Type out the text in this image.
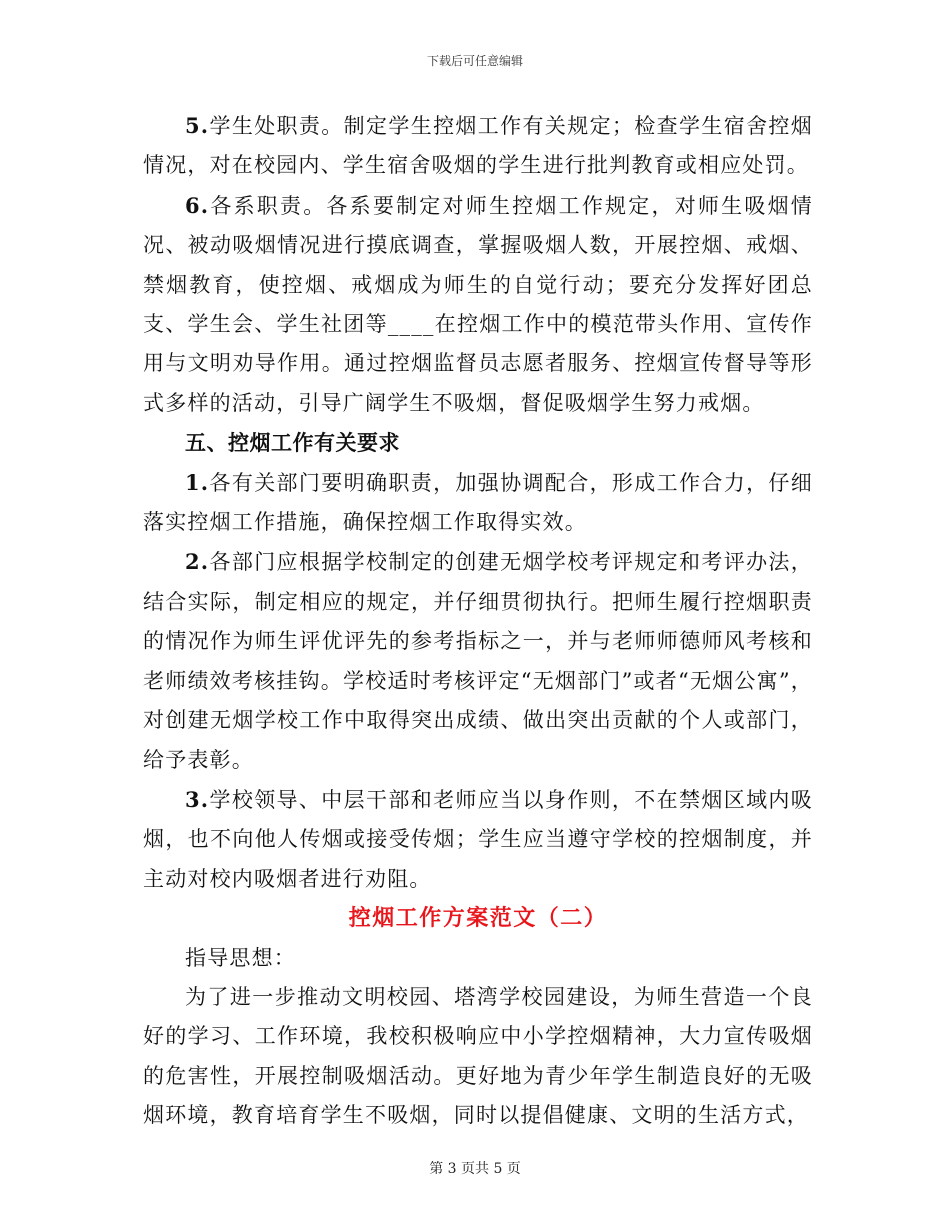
下载后可任意编辑

5.学生处职责。制定学生控烟工作有关规定；检查学生宿舍控烟情况，对在校园内、学生宿舍吸烟的学生进行批判教育或相应处罚。

6.各系职责。各系要制定对师生控烟工作规定，对师生吸烟情况、被动吸烟情况进行摸底调查，掌握吸烟人数，开展控烟、戒烟、禁烟教育，使控烟、戒烟成为师生的自觉行动；要充分发挥好团总支、学生会、学生社团等____在控烟工作中的模范带头作用、宣传作用与文明劝导作用。通过控烟监督员志愿者服务、控烟宣传督导等形式多样的活动，引导广阔学生不吸烟，督促吸烟学生努力戒烟。

五、控烟工作有关要求

1.各有关部门要明确职责，加强协调配合，形成工作合力，仔细落实控烟工作措施，确保控烟工作取得实效。

2.各部门应根据学校制定的创建无烟学校考评规定和考评办法，结合实际，制定相应的规定，并仔细贯彻执行。把师生履行控烟职责的情况作为师生评优评先的参考指标之一，并与老师师德师风考核和老师绩效考核挂钩。学校适时考核评定“无烟部门”或者“无烟公寓”，对创建无烟学校工作中取得突出成绩、做出突出贡献的个人或部门，给予表彰。

3.学校领导、中层干部和老师应当以身作则，不在禁烟区域内吸烟，也不向他人传烟或接受传烟；学生应当遵守学校的控烟制度，并主动对校内吸烟者进行劝阻。

控烟工作方案范文（二）

指导思想：

为了进一步推动文明校园、塔湾学校园建设，为师生营造一个良好的学习、工作环境，我校积极响应中小学控烟精神，大力宣传吸烟的危害性，开展控制吸烟活动。更好地为青少年学生制造良好的无吸烟环境，教育培育学生不吸烟，同时以提倡健康、文明的生活方式，

第 3 页共 5 页
